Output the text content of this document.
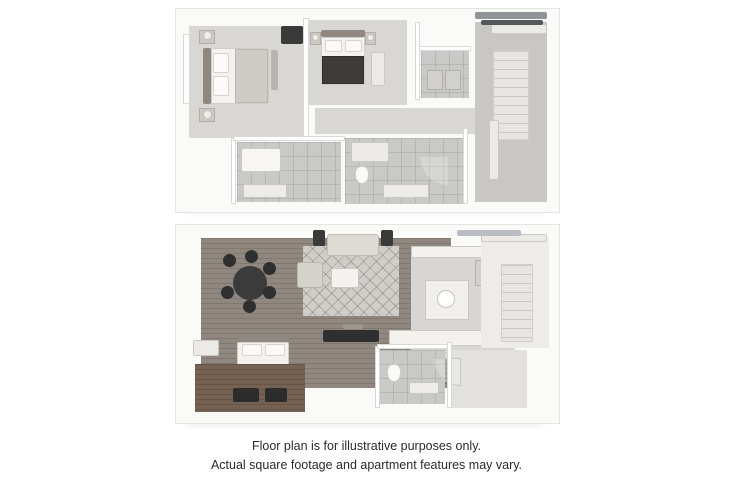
Floor plan is for illustrative purposes only.
Actual square footage and apartment features may vary.
